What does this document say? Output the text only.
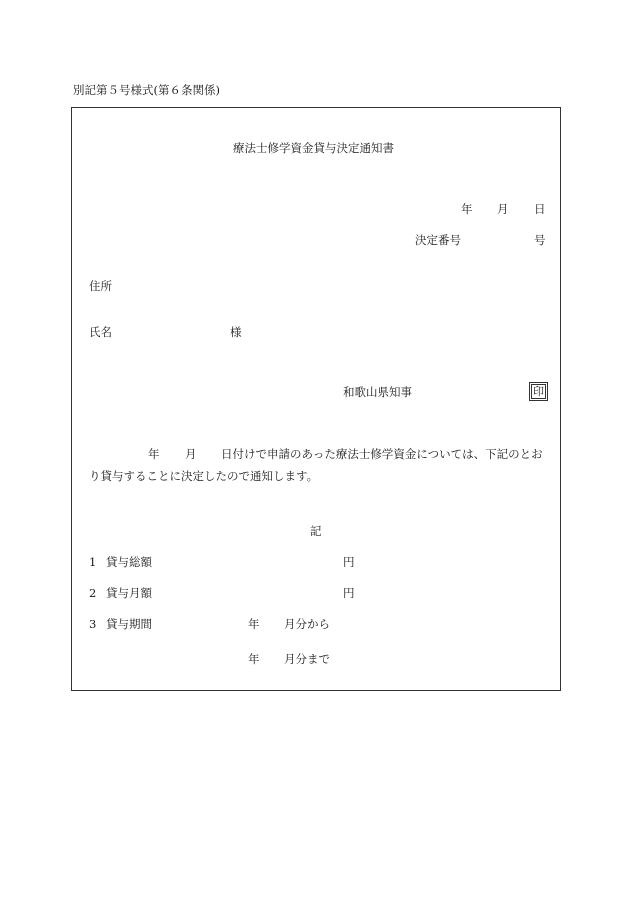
別記第５号様式(第６条関係)
療法士修学資金貸与決定通知書
年 月 日
決定番号	号
住所
氏名	様
和歌山県知事	印
年 月 日付けで申請のあった療法士修学資金については、下記のとお
り貸与することに決定したので通知します。
記
1 貸与総額	円
2 貸与月額	円
3 貸与期間	年 月分から
年 月分まで
